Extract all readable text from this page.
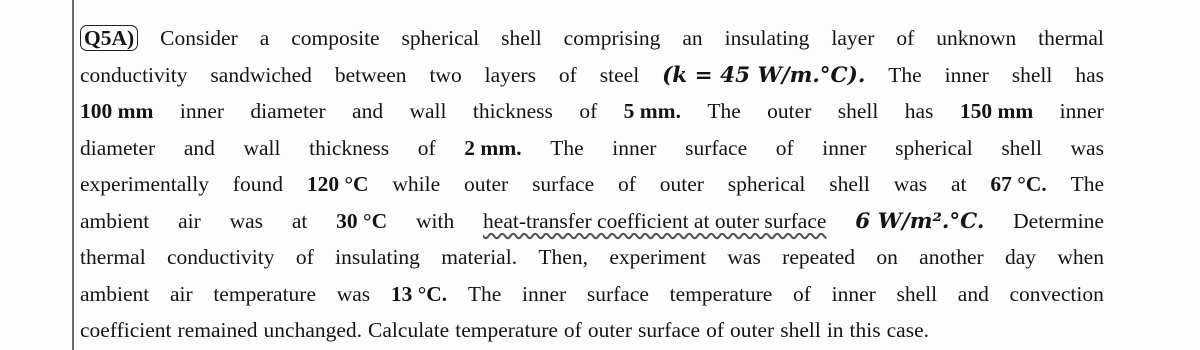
Q5A) Consider a composite spherical shell comprising an insulating layer of unknown thermal
conductivity sandwiched between two layers of steel (k = 45 W/m.°C). The inner shell has
100 mm inner diameter and wall thickness of 5 mm. The outer shell has 150 mm inner
diameter and wall thickness of 2 mm. The inner surface of inner spherical shell was
experimentally found 120 °C while outer surface of outer spherical shell was at 67 °C. The
ambient air was at 30 °C with heat-transfer coefficient at outer surface 6 W/m².°C. Determine
thermal conductivity of insulating material. Then, experiment was repeated on another day when
ambient air temperature was 13 °C. The inner surface temperature of inner shell and convection
coefficient remained unchanged. Calculate temperature of outer surface of outer shell in this case.
